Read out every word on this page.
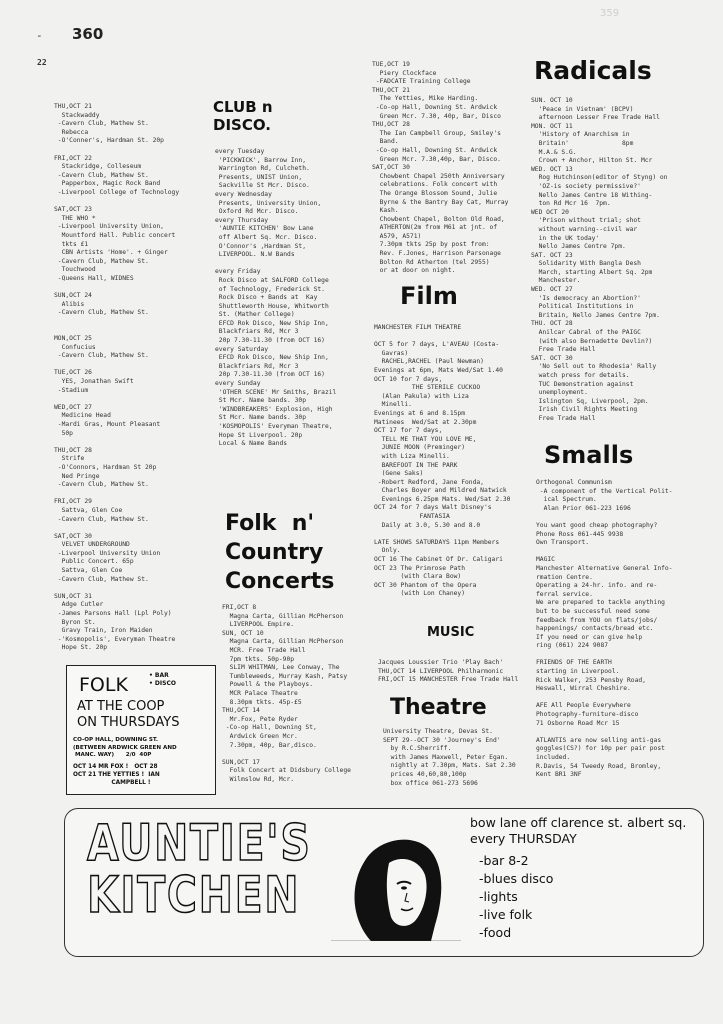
- 360
359
22
CLUB n
DISCO.
THU,OCT 21
Stackwaddy
-Cavern Club, Mathew St.
Rebecca
-O'Conner's, Hardman St. 20p

FRI,OCT 22
Stackridge, Colleseum
-Cavern Club, Mathew St.
Papperbox, Magic Rock Band
-Liverpool College of Technology

SAT,OCT 23
THE WHO *
-Liverpool University Union,
Mountford Hall. Public concert
tkts £1
CBN Artists 'Home'. + Ginger
-Cavern Club, Mathew St.
Touchwood
-Queens Hall, WIDNES

SUN,OCT 24
Alibis
-Cavern Club, Mathew St.

MON,OCT 25
Confucius
-Cavern Club, Mathew St.

TUE,OCT 26
YES, Jonathan Swift
-Stadium

WED,OCT 27
Medicine Head
-Mardi Gras, Mount Pleasant
50p

THU,OCT 28
Strife
-O'Connors, Hardman St 20p
Ned Pringe
-Cavern Club, Mathew St.

FRI,OCT 29
Sattva, Glen Coe
-Cavern Club, Mathew St.

SAT,OCT 30
VELVET UNDERGROUND
-Liverpool University Union
Public Concert. 65p
Sattva, Glen Coe
-Cavern Club, Mathew St.

SUN,OCT 31
Adge Cutler
-James Parsons Hall (Lpl Poly)
Byron St.
Gravy Train, Iron Maiden
-'Kosmopolis', Everyman Theatre
Hope St. 20p
every Tuesday
'PICKWICK', Barrow Inn,
Warrington Rd, Culcheth.
Presents, UNIST Union,
Sackville St Mcr. Disco.
every Wednesday
Presents, University Union,
Oxford Rd Mcr. Disco.
every Thursday
'AUNTIE KITCHEN' Bow Lane
off Albert Sq. Mcr. Disco.
O'Connor's ,Hardman St,
LIVERPOOL. N.W Bands

every Friday
Rock Disco at SALFORD College
of Technology, Frederick St.
Rock Disco + Bands at  Kay
Shuttleworth House, Whitworth
St. (Mather College)
EFCD Rok Disco, New Ship Inn,
Blackfriars Rd, Mcr 3
20p 7.30-11.30 (from OCT 16)
every Saturday
EFCD Rok Disco, New Ship Inn,
Blackfriars Rd, Mcr 3
20p 7.30-11.30 (from OCT 16)
every Sunday
'OTHER SCENE' Mr Smiths, Brazil
St Mcr. Name bands. 30p
'WINDBREAKERS' Explosion, High
St Mcr. Name bands. 30p
'KOSMOPOLIS' Everyman Theatre,
Hope St Liverpool. 20p
Local & Name Bands
FOLK	• BAR
• DISCO
AT THE COOP
ON THURSDAYS
CO-OP HALL, DOWNING ST.
(BETWEEN ARDWICK GREEN AND
MANC. WAY)      2/0  40P
OCT 14 MR FOX !   OCT 28
OCT 21 THE YETTIES !  IAN
CAMPBELL !
Folk  n'
Country
Concerts
FRI,OCT 8
Magna Carta, Gillian McPherson
LIVERPOOL Empire.
SUN, OCT 10
Magna Carta, Gillian McPherson
MCR. Free Trade Hall
7pm tkts. 50p-90p
SLIM WHITMAN, Lee Conway, The
Tumbleweeds, Murray Kash, Patsy
Powell & the Playboys.
MCR Palace Theatre
8.30pm tkts. 45p-£5
THU,OCT 14
Mr.Fox, Pete Ryder
-Co-op Hall, Downing St,
Ardwick Green Mcr.
7.30pm, 40p, Bar,disco.

SUN,OCT 17
Folk Concert at Didsbury College
Wilmslow Rd, Mcr.
TUE,OCT 19
Piery Clockface
-FADCATE Training College
THU,OCT 21
The Yetties, Mike Harding.
-Co-op Hall, Downing St. Ardwick
Green Mcr. 7.30, 40p, Bar, Disco
THU,OCT 28
The Ian Campbell Group, Smiley's
Band.
-Co-op Hall, Downing St. Ardwick
Green Mcr. 7.30,40p, Bar, Disco.
SAT,OCT 30
Chowbent Chapel 250th Anniversary
celebrations. Folk concert with
The Orange Blossom Sound, Julie
Byrne & the Bantry Bay Cat, Murray
Kash.
Chowbent Chapel, Bolton Old Road,
ATHERTON(2m from M61 at jnt. of
A579, A571)
7.30pm tkts 25p by post from:
Rev. F.Jones, Harrison Parsonage
Bolton Rd Atherton (tel 2955)
or at door on night.
Film
MANCHESTER FILM THEATRE

OCT 5 for 7 days, L'AVEAU (Costa-
Gavras)
RACHEL,RACHEL (Paul Newman)
Evenings at 6pm, Mats Wed/Sat 1.40
OCT 10 for 7 days,
THE STERILE CUCKOO
(Alan Pakula) with Liza
Minelli.
Evenings at 6 and 8.15pm
Matinees  Wed/Sat at 2.30pm
OCT 17 for 7 days,
TELL ME THAT YOU LOVE ME,
JUNIE MOON (Preminger)
with Liza Minelli.
BAREFOOT IN THE PARK
(Gene Saks)
-Robert Redford, Jane Fonda,
Charles Boyer and Mildred Natwick
Evenings 6.25pm Mats. Wed/Sat 2.30
OCT 24 for 7 days Walt Disney's
FANTASIA
Daily at 3.0, 5.30 and 8.0

LATE SHOWS SATURDAYS 11pm Members
Only.
OCT 16 The Cabinet Of Dr. Caligari
OCT 23 The Primrose Path
(with Clara Bow)
OCT 30 Phantom of the Opera
(with Lon Chaney)
MUSIC
Jacques Loussier Trio 'Play Bach'
THU,OCT 14 LIVERPOOL Philharmonic
FRI,OCT 15 MANCHESTER Free Trade Hall
Theatre
University Theatre, Devas St.
SEPT 29--OCT 30 'Journey's End'
by R.C.Sherriff.
with James Maxwell, Peter Egan.
nightly at 7.30pm, Mats. Sat 2.30
prices 40,60,80,100p
box office 061-273 5696
Radicals
SUN. OCT 10
'Peace in Vietnam' (BCPV)
afternoon Lesser Free Trade Hall
MON. OCT 11
'History of Anarchism in
Britain'              8pm
M.A.& S.G.
Crown + Anchor, Hilton St. Mcr
WED. OCT 13
Rog Hutchinson(editor of Styng) on
'OZ-is society permissive?'
Nello James Centre 18 Withing-
ton Rd Mcr 16  7pm.
WED OCT 20
'Prison without trial; shot
without warning--civil war
in the UK today'
Nello James Centre 7pm.
SAT. OCT 23
Solidarity With Bangla Desh
March, starting Albert Sq. 2pm
Manchester.
WED. OCT 27
'Is democracy an Abortion?'
Political Institutions in
Britain, Nello James Centre 7pm.
THU. OCT 28
Anilcar Cabral of the PAIGC
(with also Bernadette Devlin?)
Free Trade Hall
SAT. OCT 30
'No Sell out to Rhodesia' Rally
watch press for details.
TUC Demonstration against
unemployment.
Islington Sq, Liverpool, 2pm.
Irish Civil Rights Meeting
Free Trade Hall
Smalls
Orthogonal Communism
-A component of the Vertical Polit-
ical Spectrum.
Alan Prior 061-223 1696

You want good cheap photography?
Phone Ross 061-445 9938
Own Transport.

MAGIC
Manchester Alternative General Info-
rmation Centre.
Operating a 24-hr. info. and re-
ferral service.
We are prepared to tackle anything
but to be successful need some
feedback from YOU on flats/jobs/
happenings/ contacts/bread etc.
If you need or can give help
ring (061) 224 9087

FRIENDS OF THE EARTH
starting in Liverpool.
Rick Walker, 253 Pensby Road,
Heswall, Wirral Cheshire.

AFE All People Everywhere
Photography-furniture-disco
71 Osborne Road Mcr 15

ATLANTIS are now selling anti-gas
goggles(CS?) for 10p per pair post
included.
R.Davis, 54 Tweedy Road, Bromley,
Kent BR1 3NF
AUNTIE'S
KITCHEN
bow lane off clarence st. albert sq.
every THURSDAY
-bar 8-2
-blues disco
-lights
-live folk
-food
